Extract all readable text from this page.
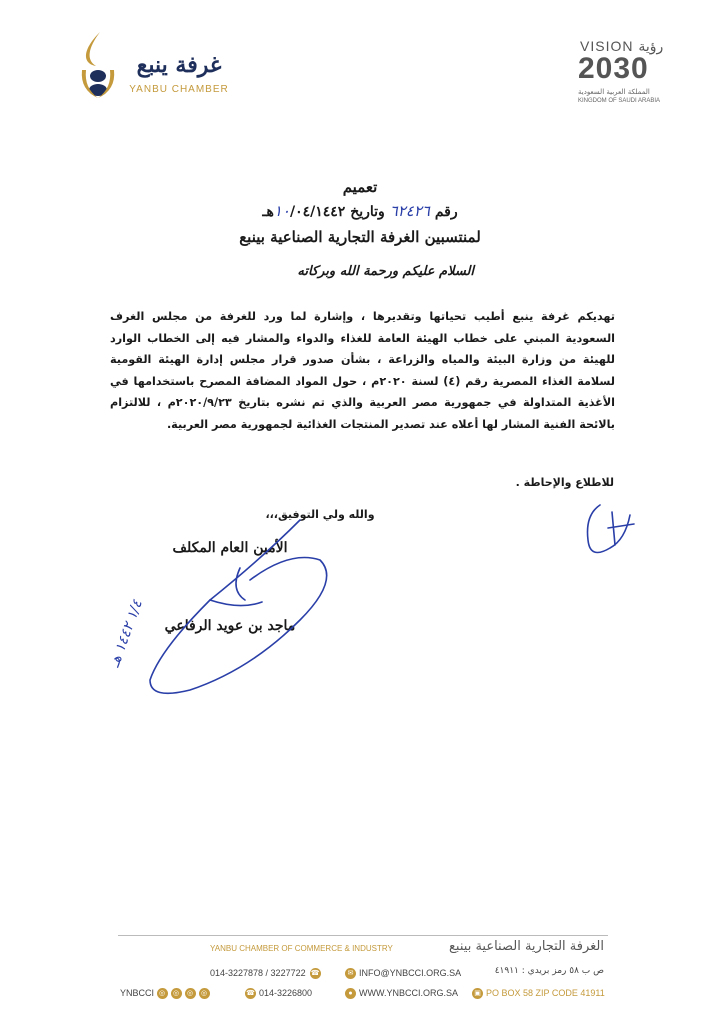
غرفة ينبع
YANBU CHAMBER
VISION رؤية
2030
المملكة العربية السعودية
KINGDOM OF SAUDI ARABIA
تعميم
رقم ٦٢٤٢٦ وتاريخ ١٠/٠٤/١٤٤٢هـ
لمنتسبين الغرفة التجارية الصناعية بينبع
السلام عليكم ورحمة الله وبركاته

تهديكم غرفة ينبع أطيب تحياتها وتقديرها ، وإشارة لما ورد للغرفة من مجلس الغرف السعودية المبني على خطاب الهيئة العامة للغذاء والدواء والمشار فيه إلى الخطاب الوارد للهيئة من وزارة البيئة والمياه والزراعة ، بشأن صدور قرار مجلس إدارة الهيئة القومية لسلامة الغذاء المصرية رقم (٤) لسنة ٢٠٢٠م ، حول المواد المضافة المصرح باستخدامها في الأغذية المتداولة في جمهورية مصر العربية والذي تم نشره بتاريخ ٢٠٢٠/٩/٢٣م ، للالتزام بالائحة الفنية المشار لها أعلاه عند تصدير المنتجات الغذائية لجمهورية مصر العربية.

للاطلاع والإحاطة .
والله ولي التوفيق،،،
الأمين العام المكلف
ماجد بن عويد الرفاعي
١/٤ ١٤٤٢ هـ
YANBU CHAMBER OF COMMERCE & INDUSTRY	الغرفة التجارية الصناعية بينبع
014-3227878 / 3227722 ☎	✉ INFO@YNBCCI.ORG.SA	ص ب ٥٨ رمز بريدي : ٤١٩١١
YNBCCI ◎ ◎ ◎ ◎	☎ 014-3226800	● WWW.YNBCCI.ORG.SA	▣ PO BOX 58 ZIP CODE 41911
